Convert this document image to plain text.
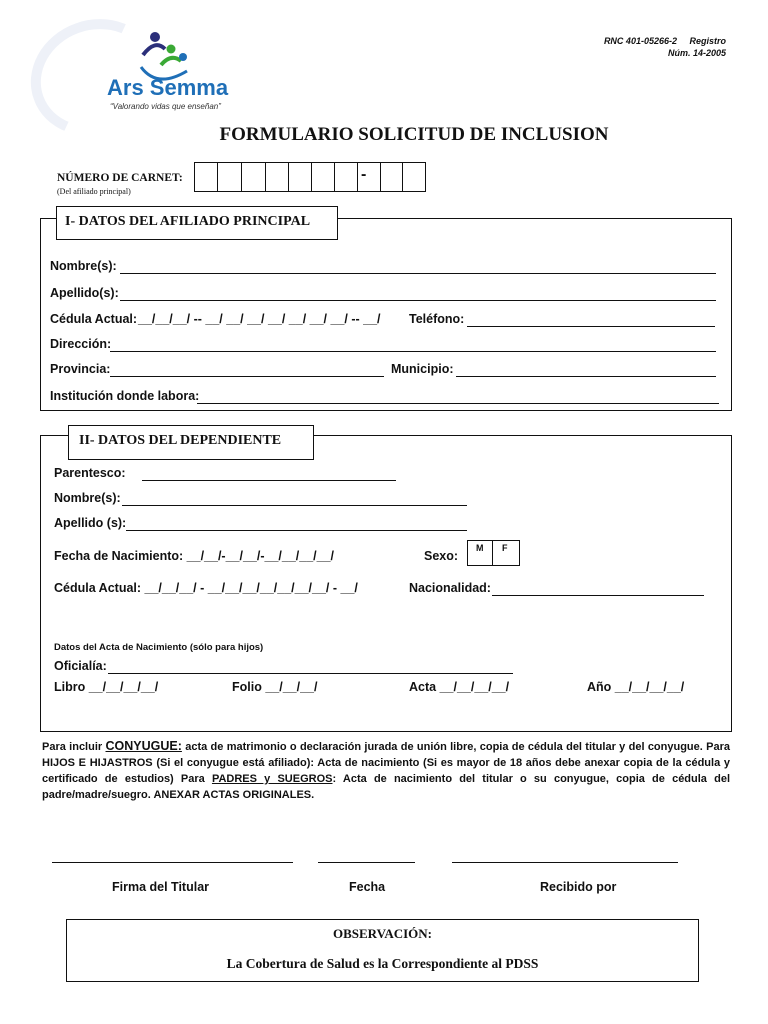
Ars Semma
“Valorando vidas que enseñan”
RNC 401-05266-2     Registro
Núm. 14-2005
FORMULARIO SOLICITUD DE INCLUSION
NÚMERO DE CARNET:
(Del afiliado principal)
-
I- DATOS DEL AFILIADO PRINCIPAL
Nombre(s):
Apellido(s):
Cédula Actual: __/__/__/ -- __/ __/ __/ __/ __/ __/ __/ -- __/ Teléfono:
Dirección:
Provincia:	Municipio:
Institución donde labora:
II- DATOS DEL DEPENDIENTE
Parentesco:
Nombre(s):
Apellido (s):
Fecha de Nacimiento: __/__/-__/__/-__/__/__/__/	Sexo:
M F
Cédula Actual: __/__/__/ - __/__/__/__/__/__/__/ - __/	Nacionalidad:
Datos del Acta de Nacimiento (sólo para hijos)
Oficialía:
Libro __/__/__/__/	Folio __/__/__/	Acta __/__/__/__/	Año __/__/__/__/
Para incluir CONYUGUE: acta de matrimonio o declaración jurada de unión libre, copia de cédula del titular y del conyugue. Para HIJOS E HIJASTROS (Si el conyugue está afiliado): Acta de nacimiento (Si es mayor de 18 años debe anexar copia de la cédula y certificado de estudios) Para PADRES y SUEGROS: Acta de nacimiento del titular o su conyugue, copia de cédula del padre/madre/suegro. ANEXAR ACTAS ORIGINALES.
Firma del Titular	Fecha	Recibido por
OBSERVACIÓN:
La Cobertura de Salud es la Correspondiente al PDSS
